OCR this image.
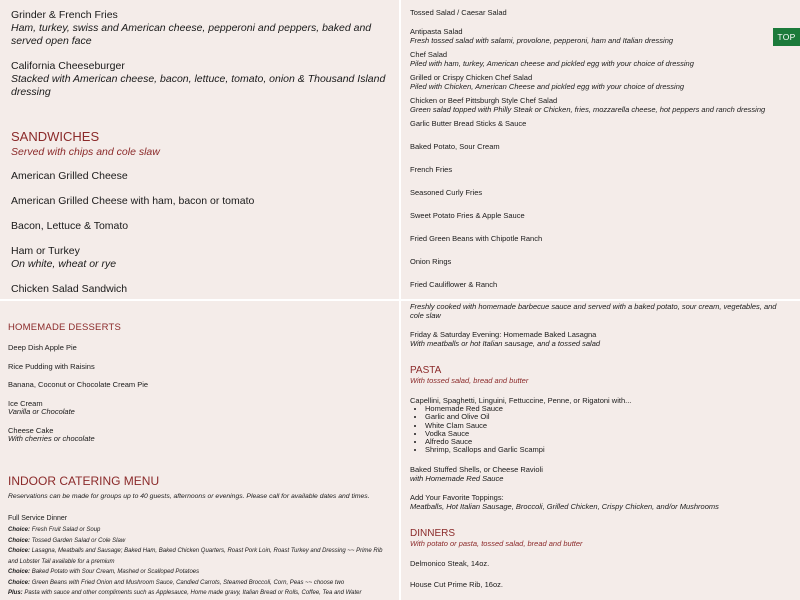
Grinder & French Fries
Ham, turkey, swiss and American cheese, pepperoni and peppers, baked and served open face
California Cheeseburger
Stacked with American cheese, bacon, lettuce, tomato, onion & Thousand Island dressing
SANDWICHES
Served with chips and cole slaw
American Grilled Cheese
American Grilled Cheese with ham, bacon or tomato
Bacon, Lettuce & Tomato
Ham or Turkey
On white, wheat or rye
Chicken Salad Sandwich
Tossed Salad / Caesar Salad
Antipasta Salad
Fresh tossed salad with salami, provolone, pepperoni, ham and Italian dressing
Chef Salad
Piled with ham, turkey, American cheese and pickled egg with your choice of dressing
Grilled or Crispy Chicken Chef Salad
Piled with Chicken, American Cheese and pickled egg with your choice of dressing
Chicken or Beef Pittsburgh Style Chef Salad
Green salad topped with Philly Steak or Chicken, fries, mozzarella cheese, hot peppers and ranch dressing
Garlic Butter Bread Sticks & Sauce
Baked Potato, Sour Cream
French Fries
Seasoned Curly Fries
Sweet Potato Fries & Apple Sauce
Fried Green Beans with Chipotle Ranch
Onion Rings
Fried Cauliflower & Ranch
TOP
HOMEMADE DESSERTS
Deep Dish Apple Pie
Rice Pudding with Raisins
Banana, Coconut or Chocolate Cream Pie
Ice Cream
Vanilla or Chocolate
Cheese Cake
With cherries or chocolate
INDOOR CATERING MENU
Reservations can be made for groups up to 40 guests, afternoons or evenings. Please call for available dates and times.
Full Service Dinner
Choice: Fresh Fruit Salad or Soup
Choice: Tossed Garden Salad or Cole Slaw
Choice: Lasagna, Meatballs and Sausage; Baked Ham, Baked Chicken Quarters, Roast Pork Loin, Roast Turkey and Dressing ~~ Prime Rib and Lobster Tail available for a premium
Choice: Baked Potato with Sour Cream, Mashed or Scalloped Potatoes
Choice: Green Beans with Fried Onion and Mushroom Sauce, Candied Carrots, Steamed Broccoli, Corn, Peas ~~ choose two
Plus: Pasta with sauce and other compliments such as Applesauce, Home made gravy, Italian Bread or Rolls, Coffee, Tea and Water
Freshly cooked with homemade barbecue sauce and served with a baked potato, sour cream, vegetables, and cole slaw
Friday & Saturday Evening: Homemade Baked Lasagna
With meatballs or hot Italian sausage, and a tossed salad
PASTA
With tossed salad, bread and butter
Capellini, Spaghetti, Linguini, Fettuccine, Penne, or Rigatoni with...
• Homemade Red Sauce
• Garlic and Olive Oil
• White Clam Sauce
• Vodka Sauce
• Alfredo Sauce
• Shrimp, Scallops and Garlic Scampi
Baked Stuffed Shells, or Cheese Ravioli
with Homemade Red Sauce
Add Your Favorite Toppings:
Meatballs, Hot Italian Sausage, Broccoli, Grilled Chicken, Crispy Chicken, and/or Mushrooms
DINNERS
With potato or pasta, tossed salad, bread and butter
Delmonico Steak, 14oz.
House Cut Prime Rib, 16oz.
